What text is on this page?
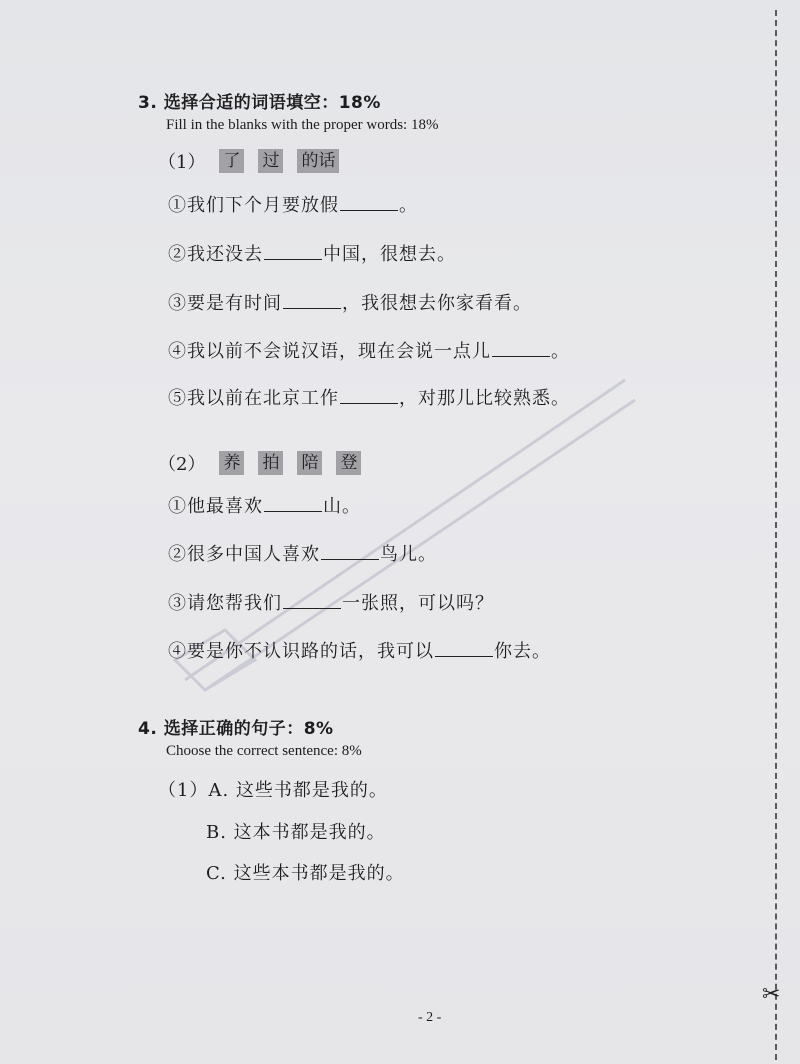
✂
3. 选择合适的词语填空：18%
Fill in the blanks with the proper words: 18%
（1） 了 过 的话
①我们下个月要放假	。
②我还没去	中国，很想去。
③要是有时间	，我很想去你家看看。
④我以前不会说汉语，现在会说一点儿	。
⑤我以前在北京工作	，对那儿比较熟悉。
（2） 养 拍 陪 登
①他最喜欢	山。
②很多中国人喜欢	鸟儿。
③请您帮我们	一张照，可以吗？
④要是你不认识路的话，我可以	你去。
4. 选择正确的句子：8%
Choose the correct sentence: 8%
（1）A. 这些书都是我的。
B. 这本书都是我的。
C. 这些本书都是我的。
- 2 -
